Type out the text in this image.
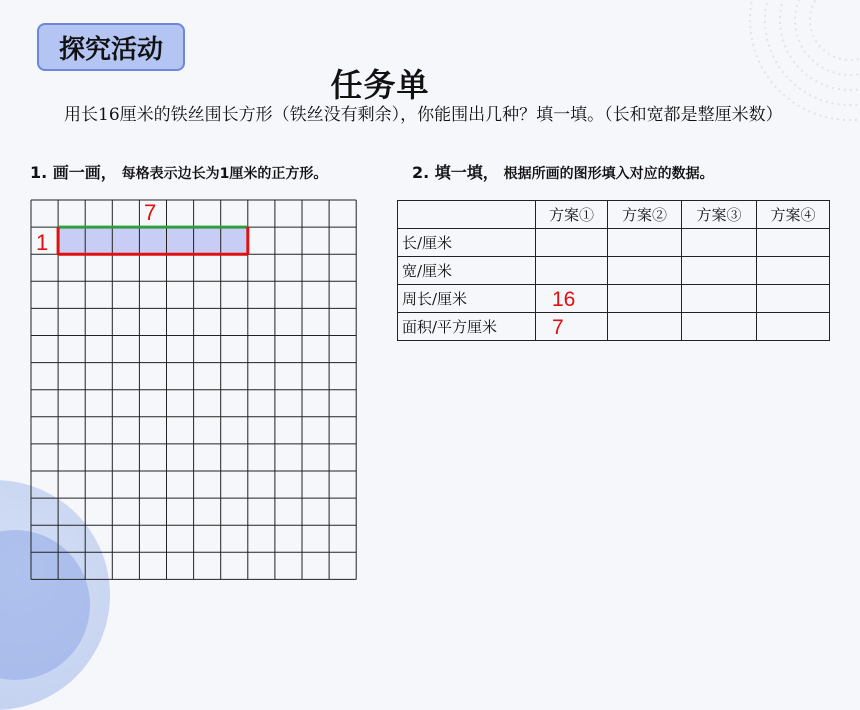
探究活动
任务单
用长16厘米的铁丝围长方形（铁丝没有剩余），你能围出几种？填一填。（长和宽都是整厘米数）
1. 画一画， 每格表示边长为1厘米的正方形。	2. 填一填， 根据所画的图形填入对应的数据。
7
1
	方案①	方案②	方案③	方案④
长/厘米	

宽/厘米	

周长/厘米	16			

面积/平方厘米	7			
